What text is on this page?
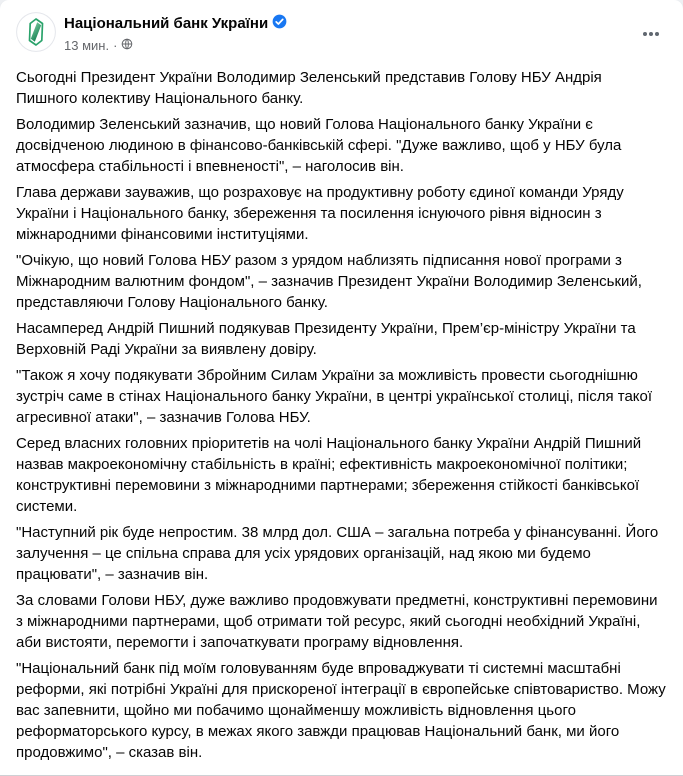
Національний банк України
13 мин. ·

Сьогодні Президент України Володимир Зеленський представив Голову НБУ Андрія Пишного колективу Національного банку.

Володимир Зеленський зазначив, що новий Голова Національного банку України є досвідченою людиною в фінансово-банківській сфері. "Дуже важливо, щоб у НБУ була атмосфера стабільності і впевненості", – наголосив він.

Глава держави зауважив, що розраховує на продуктивну роботу єдиної команди Уряду України і Національного банку, збереження та посилення існуючого рівня відносин з міжнародними фінансовими інституціями.

"Очікую, що новий Голова НБУ разом з урядом наблизять підписання нової програми з Міжнародним валютним фондом", – зазначив Президент України Володимир Зеленський, представляючи Голову Національного банку.

Насамперед Андрій Пишний подякував Президенту України, Прем’єр-міністру України та Верховній Раді України за виявлену довіру.

"Також я хочу подякувати Збройним Силам України за можливість провести сьогоднішню зустріч саме в стінах Національного банку України, в центрі української столиці, після такої агресивної атаки", – зазначив Голова НБУ.

Серед власних головних пріоритетів на чолі Національного банку України Андрій Пишний назвав макроекономічну стабільність в країні; ефективність макроекономічної політики; конструктивні перемовини з міжнародними партнерами; збереження стійкості банківської системи.

"Наступний рік буде непростим. 38 млрд дол. США – загальна потреба у фінансуванні. Його залучення – це спільна справа для усіх урядових організацій, над якою ми будемо працювати", – зазначив він.

За словами Голови НБУ, дуже важливо продовжувати предметні, конструктивні перемовини з міжнародними партнерами, щоб отримати той ресурс, який сьогодні необхідний Україні, аби вистояти, перемогти і започаткувати програму відновлення.

"Національний банк під моїм головуванням буде впроваджувати ті системні масштабні реформи, які потрібні Україні для прискореної інтеграції в європейське співтовариство. Можу вас запевнити, щойно ми побачимо щонайменшу можливість відновлення цього реформаторського курсу, в межах якого завжди працював Національний банк, ми його продовжимо", – сказав він.
